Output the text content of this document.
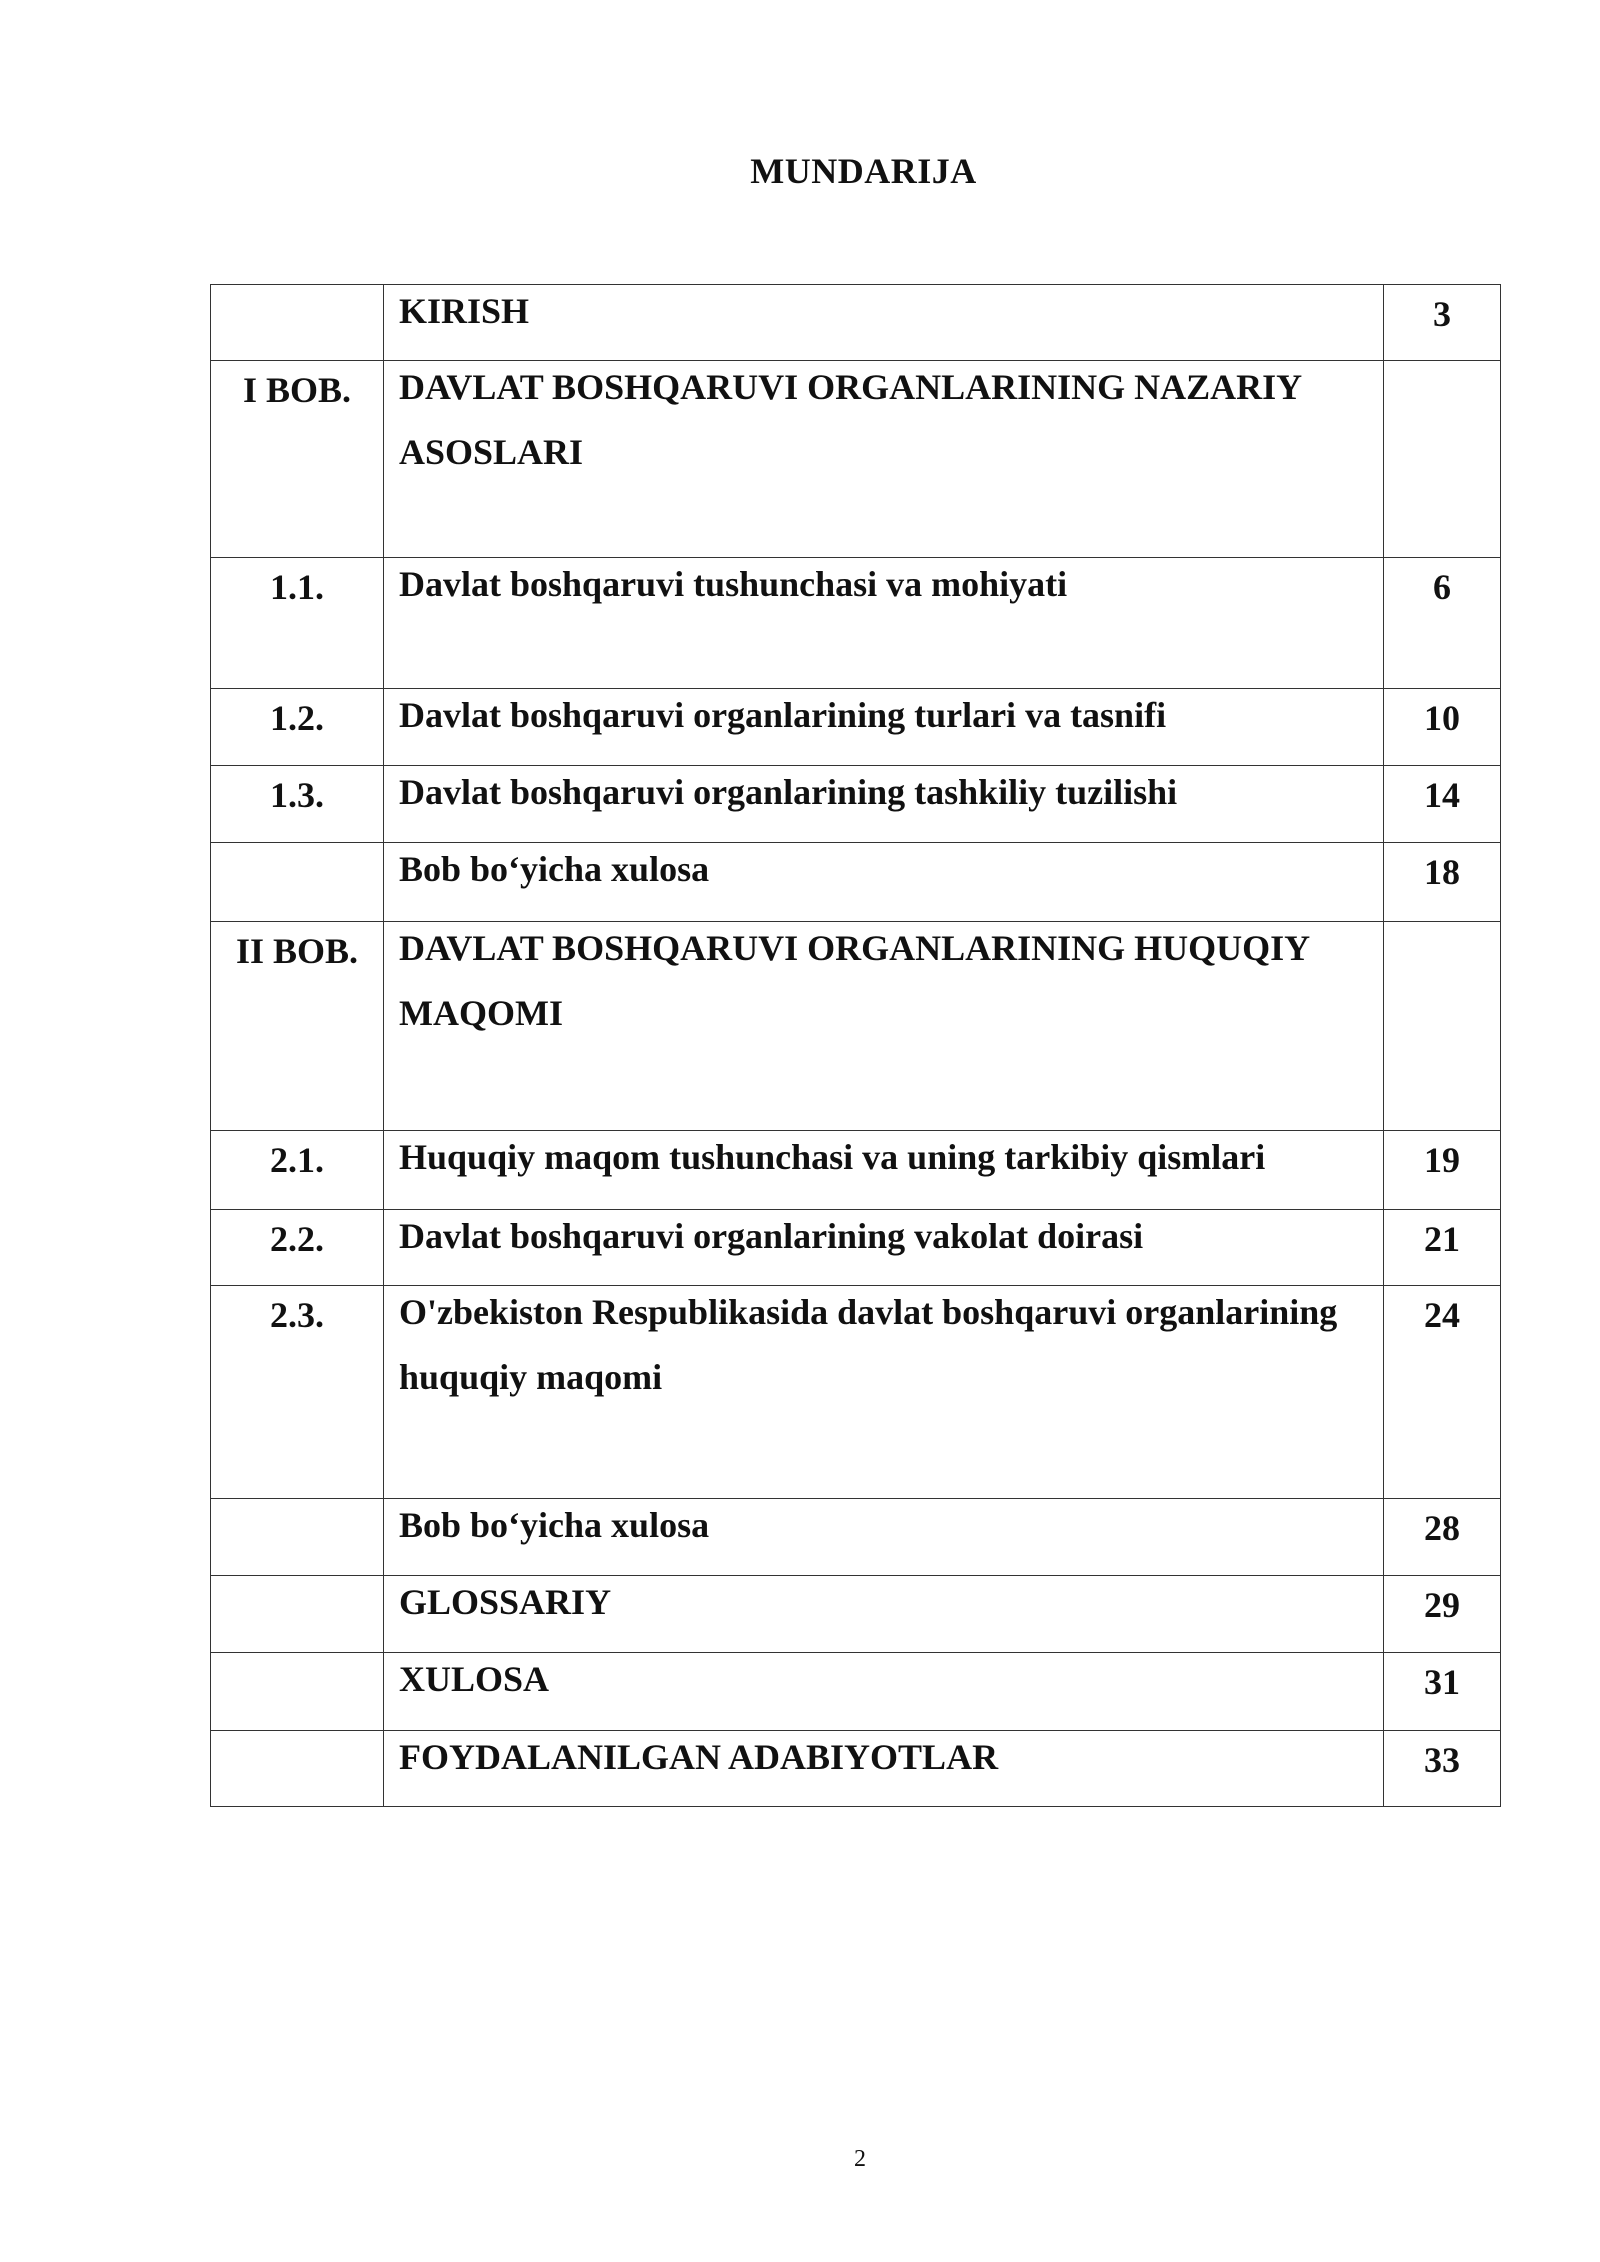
MUNDARIJA

	KIRISH	3
I BOB.	DAVLAT BOSHQARUVI ORGANLARINING NAZARIY ASOSLARI	

1.1.	Davlat boshqaruvi tushunchasi va mohiyati	6
1.2.	Davlat boshqaruvi organlarining turlari va tasnifi	10
1.3.	Davlat boshqaruvi organlarining tashkiliy tuzilishi	14

	Bob bo‘yicha xulosa	18
II BOB.	DAVLAT BOSHQARUVI ORGANLARINING HUQUQIY MAQOMI	

2.1.	Huquqiy maqom tushunchasi va uning tarkibiy qismlari	19
2.2.	Davlat boshqaruvi organlarining vakolat doirasi	21
2.3.	O'zbekiston Respublikasida davlat boshqaruvi organlarining huquqiy maqomi	24

	Bob bo‘yicha xulosa	28

	GLOSSARIY	29

	XULOSA	31

	FOYDALANILGAN ADABIYOTLAR	33
2
